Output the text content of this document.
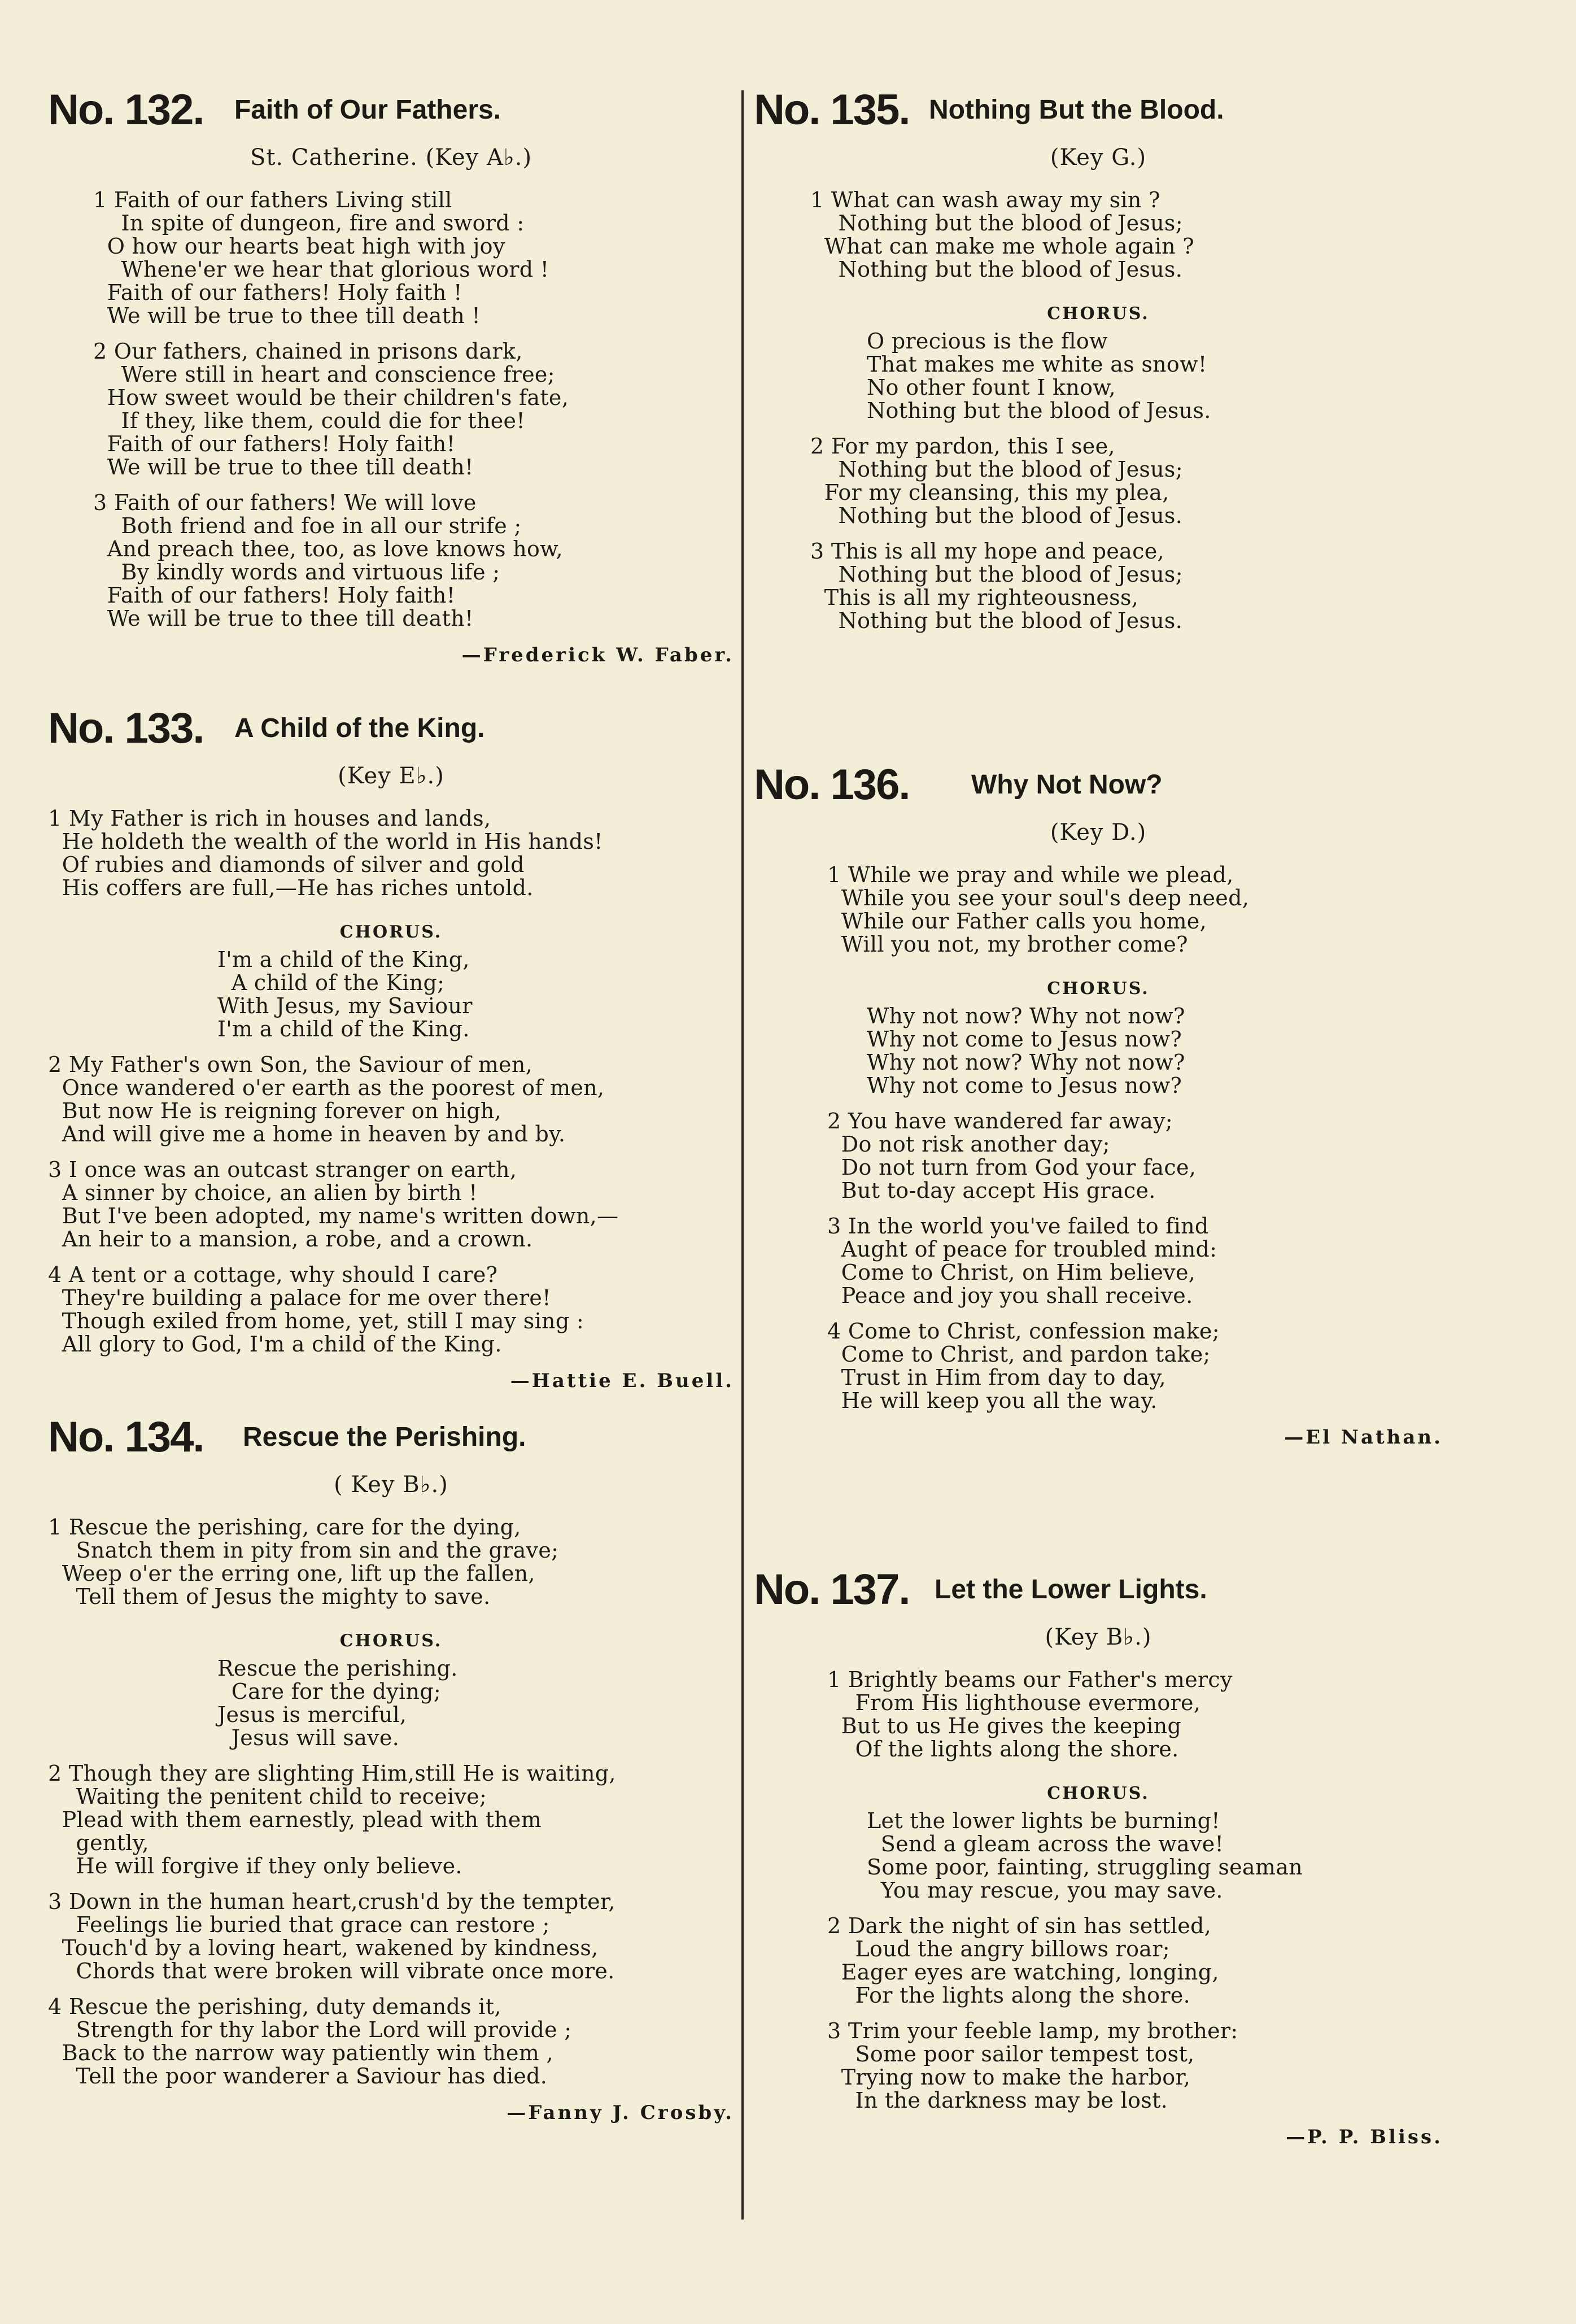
No. 132. Faith of Our Fathers.
St. Catherine. (Key A♭.)
1 Faith of our fathers Living still
In spite of dungeon, fire and sword :
O how our hearts beat high with joy
Whene'er we hear that glorious word !
Faith of our fathers! Holy faith !
We will be true to thee till death !
2 Our fathers, chained in prisons dark,
Were still in heart and conscience free;
How sweet would be their children's fate,
If they, like them, could die for thee!
Faith of our fathers! Holy faith!
We will be true to thee till death!
3 Faith of our fathers! We will love
Both friend and foe in all our strife ;
And preach thee, too, as love knows how,
By kindly words and virtuous life ;
Faith of our fathers! Holy faith!
We will be true to thee till death!
—Frederick W. Faber.
No. 133. A Child of the King.
(Key E♭.)
1 My Father is rich in houses and lands,
He holdeth the wealth of the world in His hands!
Of rubies and diamonds of silver and gold
His coffers are full,—He has riches untold.
CHORUS.
I'm a child of the King,
A child of the King;
With Jesus, my Saviour
I'm a child of the King.
2 My Father's own Son, the Saviour of men,
Once wandered o'er earth as the poorest of men,
But now He is reigning forever on high,
And will give me a home in heaven by and by.
3 I once was an outcast stranger on earth,
A sinner by choice, an alien by birth !
But I've been adopted, my name's written down,—
An heir to a mansion, a robe, and a crown.
4 A tent or a cottage, why should I care?
They're building a palace for me over there!
Though exiled from home, yet, still I may sing :
All glory to God, I'm a child of the King.
—Hattie E. Buell.
No. 134. Rescue the Perishing.
( Key B♭.)
1 Rescue the perishing, care for the dying,
Snatch them in pity from sin and the grave;
Weep o'er the erring one, lift up the fallen,
Tell them of Jesus the mighty to save.
CHORUS.
Rescue the perishing.
Care for the dying;
Jesus is merciful,
Jesus will save.
2 Though they are slighting Him,still He is waiting,
Waiting the penitent child to receive;
Plead with them earnestly, plead with them
gently,
He will forgive if they only believe.
3 Down in the human heart,crush'd by the tempter,
Feelings lie buried that grace can restore ;
Touch'd by a loving heart, wakened by kindness,
Chords that were broken will vibrate once more.
4 Rescue the perishing, duty demands it,
Strength for thy labor the Lord will provide ;
Back to the narrow way patiently win them ,
Tell the poor wanderer a Saviour has died.
—Fanny J. Crosby.
No. 135. Nothing But the Blood.
(Key G.)
1 What can wash away my sin ?
Nothing but the blood of Jesus;
What can make me whole again ?
Nothing but the blood of Jesus.
CHORUS.
O precious is the flow
That makes me white as snow!
No other fount I know,
Nothing but the blood of Jesus.
2 For my pardon, this I see,
Nothing but the blood of Jesus;
For my cleansing, this my plea,
Nothing but the blood of Jesus.
3 This is all my hope and peace,
Nothing but the blood of Jesus;
This is all my righteousness,
Nothing but the blood of Jesus.
No. 136. Why Not Now?
(Key D.)
1 While we pray and while we plead,
While you see your soul's deep need,
While our Father calls you home,
Will you not, my brother come?
CHORUS.
Why not now? Why not now?
Why not come to Jesus now?
Why not now? Why not now?
Why not come to Jesus now?
2 You have wandered far away;
Do not risk another day;
Do not turn from God your face,
But to-day accept His grace.
3 In the world you've failed to find
Aught of peace for troubled mind:
Come to Christ, on Him believe,
Peace and joy you shall receive.
4 Come to Christ, confession make;
Come to Christ, and pardon take;
Trust in Him from day to day,
He will keep you all the way.
—El Nathan.
No. 137. Let the Lower Lights.
(Key B♭.)
1 Brightly beams our Father's mercy
From His lighthouse evermore,
But to us He gives the keeping
Of the lights along the shore.
CHORUS.
Let the lower lights be burning!
Send a gleam across the wave!
Some poor, fainting, struggling seaman
You may rescue, you may save.
2 Dark the night of sin has settled,
Loud the angry billows roar;
Eager eyes are watching, longing,
For the lights along the shore.
3 Trim your feeble lamp, my brother:
Some poor sailor tempest tost,
Trying now to make the harbor,
In the darkness may be lost.
—P. P. Bliss.
